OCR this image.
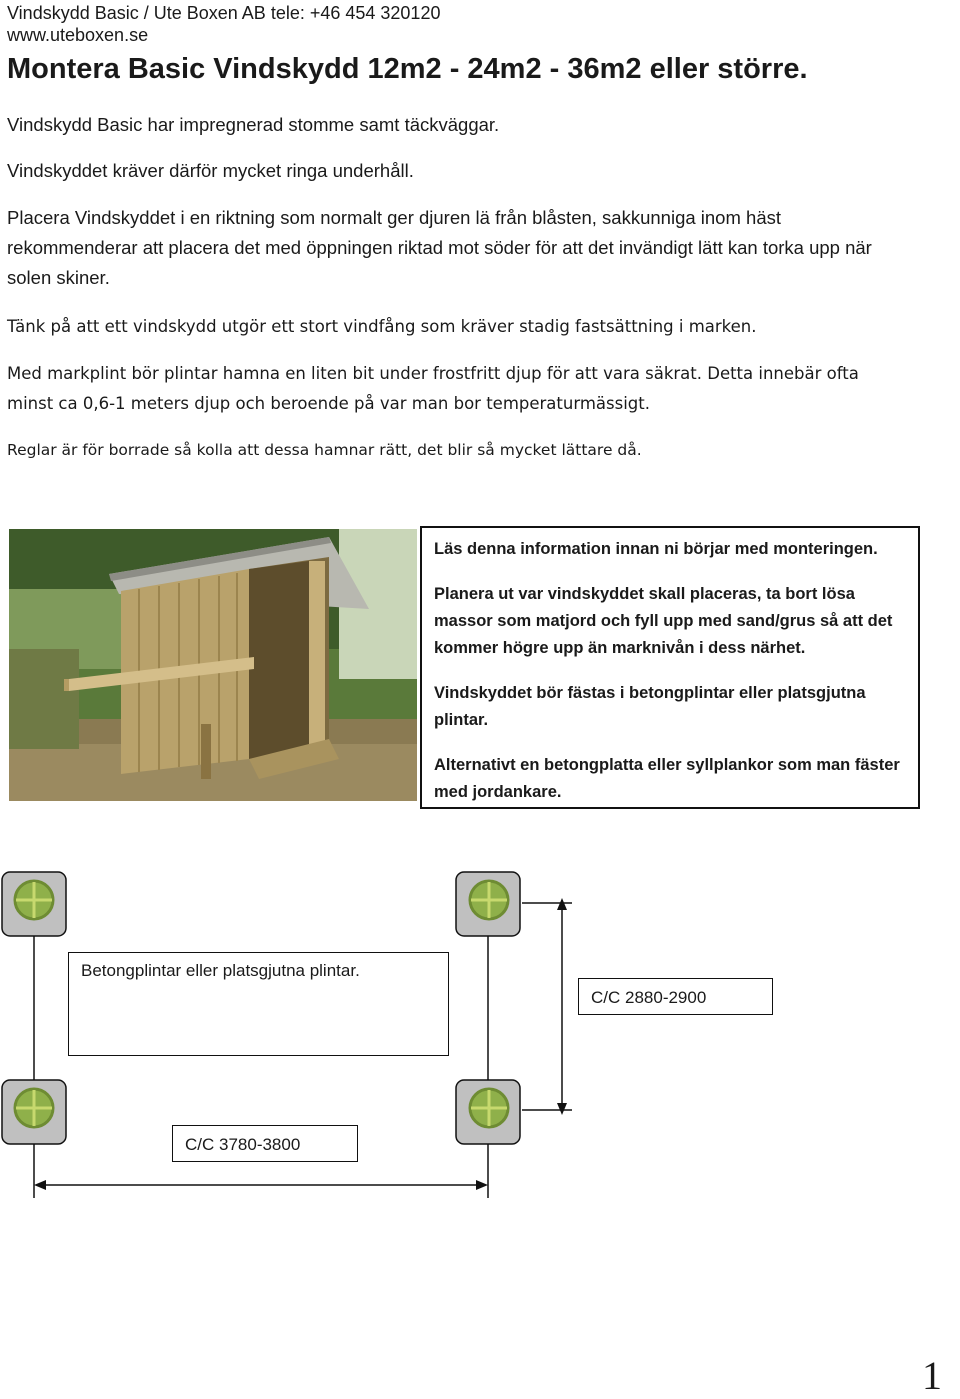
Vindskydd Basic / Ute Boxen AB tele: +46 454 320120
www.uteboxen.se
Montera Basic Vindskydd 12m2 - 24m2 - 36m2 eller större.
Vindskydd Basic har impregnerad stomme samt täckväggar.
Vindskyddet kräver därför mycket ringa underhåll.
Placera Vindskyddet i en riktning som normalt ger djuren lä från blåsten, sakkunniga inom häst rekommenderar att placera det med öppningen riktad mot söder för att det invändigt lätt kan torka upp när solen skiner.
Tänk på att ett vindskydd utgör ett stort vindfång som kräver stadig fastsättning i marken.
Med markplint bör plintar hamna en liten bit under frostfritt djup för att vara säkrat. Detta innebär ofta minst ca 0,6-1 meters djup och beroende på var man bor temperaturmässigt.
Reglar är för borrade så kolla att dessa hamnar rätt, det blir så mycket lättare då.

Läs denna information innan ni börjar med monteringen.

Planera ut var vindskyddet skall placeras, ta bort lösa massor som matjord och fyll upp med sand/grus så att det kommer högre upp än marknivån i dess närhet.

Vindskyddet bör fästas i betongplintar eller platsgjutna plintar.

Alternativt en betongplatta eller syllplankor som man fäster med jordankare.

Betongplintar eller platsgjutna plintar.
C/C 2880-2900
C/C 3780-3800
1
